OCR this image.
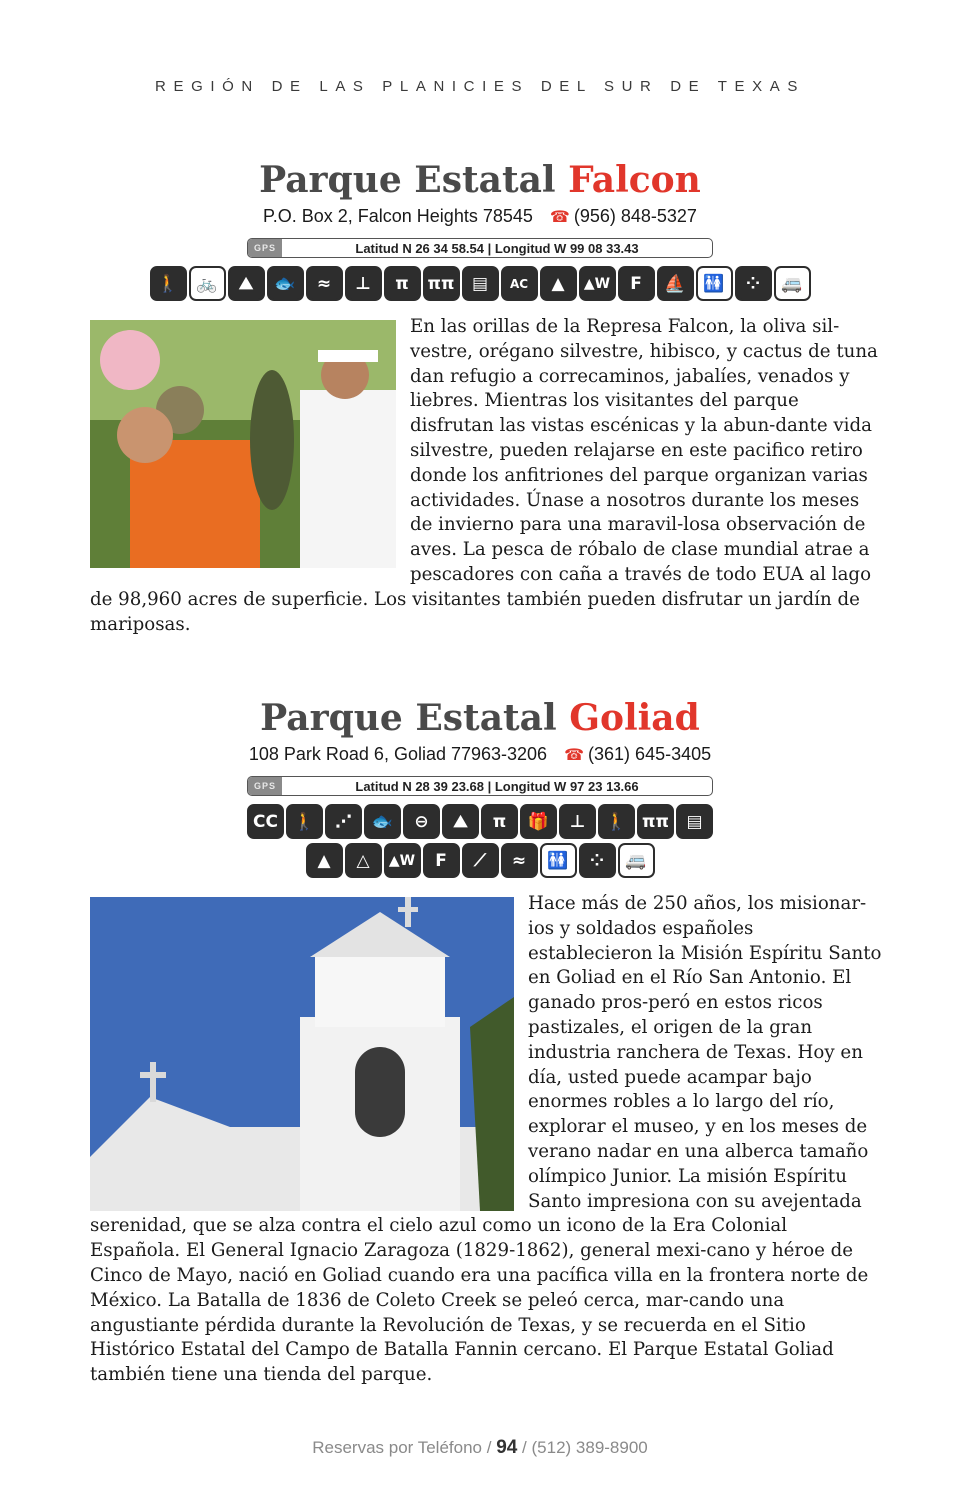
REGIÓN DE LAS PLANICIES DEL SUR DE TEXAS
Parque Estatal Falcon
P.O. Box 2, Falcon Heights 78545 ☎ (956) 848-5327
GPS	Latitud N 26 34 58.54 | Longitud W 99 08 33.43
🚶	🚲	⛰	🐟	≈	⊥	π	ππ	▤	AC	▲	▲W	F	⛵	🚻	⁘	🚐

En las orillas de la Represa Falcon, la oliva sil-vestre, orégano silvestre, hibisco, y cactus de tuna dan refugio a correcaminos, jabalíes, venados y liebres. Mientras los visitantes del parque disfrutan las vistas escénicas y la abun-dante vida silvestre, pueden relajarse en este pacifico retiro donde los anfitriones del parque organizan varias actividades. Únase a nosotros durante los meses de invierno para una maravil-losa observación de aves. La pesca de róbalo de clase mundial atrae a pescadores con caña a través de todo EUA al lago de 98,960 acres de superficie. Los visitantes también pueden disfrutar un jardín de mariposas.

Parque Estatal Goliad
108 Park Road 6, Goliad 77963-3206 ☎ (361) 645-3405
GPS	Latitud N 28 39 23.68 | Longitud W 97 23 13.66
CC 🚶	⋰	🐟	⊖	⛰	π	🎁	⊥	🚶 ππ	▤
▲	△	▲W	F	⟋	≈	🚻	⁘	🚐

Hace más de 250 años, los misionar-ios y soldados españoles establecieron la Misión Espíritu Santo en Goliad en el Río San Antonio. El ganado pros-peró en estos ricos pastizales, el origen de la gran industria ranchera de Texas. Hoy en día, usted puede acampar bajo enormes robles a lo largo del río, explorar el museo, y en los meses de verano nadar en una alberca tamaño olímpico Junior. La misión Espíritu Santo impresiona con su avejentada serenidad, que se alza contra el cielo azul como un icono de la Era Colonial Española. El General Ignacio Zaragoza (1829-1862), general mexi-cano y héroe de Cinco de Mayo, nació en Goliad cuando era una pacífica villa en la frontera norte de México. La Batalla de 1836 de Coleto Creek se peleó cerca, mar-cando una angustiante pérdida durante la Revolución de Texas, y se recuerda en el Sitio Histórico Estatal del Campo de Batalla Fannin cercano. El Parque Estatal Goliad también tiene una tienda del parque.

Reservas por Teléfono / 94 / (512) 389-8900
